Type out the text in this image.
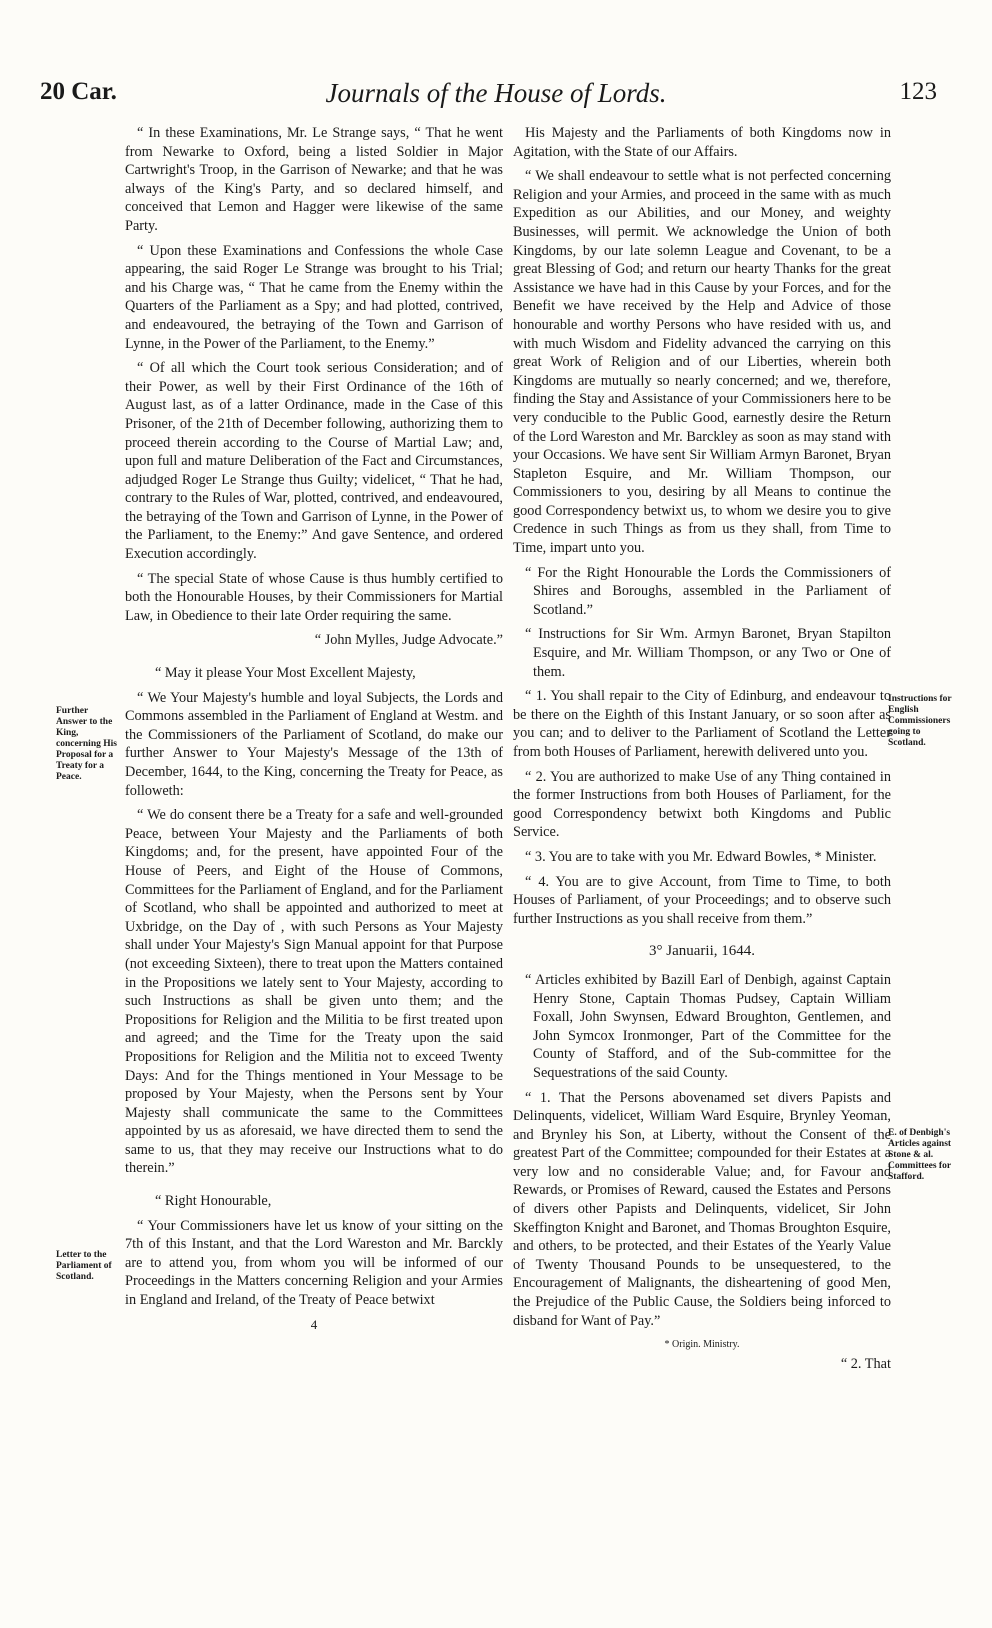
20 Car.	Journals of the House of Lords.	123

“ In these Examinations, Mr. Le Strange says, “ That he went from Newarke to Oxford, being a listed Soldier in Major Cartwright's Troop, in the Garrison of Newarke; and that he was always of the King's Party, and so declared himself, and conceived that Lemon and Hagger were likewise of the same Party.

“ Upon these Examinations and Confessions the whole Case appearing, the said Roger Le Strange was brought to his Trial; and his Charge was, “ That he came from the Enemy within the Quarters of the Parliament as a Spy; and had plotted, contrived, and endeavoured, the betraying of the Town and Garrison of Lynne, in the Power of the Parliament, to the Enemy.”

“ Of all which the Court took serious Consideration; and of their Power, as well by their First Ordinance of the 16th of August last, as of a latter Ordinance, made in the Case of this Prisoner, of the 21th of December following, authorizing them to proceed therein according to the Course of Martial Law; and, upon full and mature Deliberation of the Fact and Circumstances, adjudged Roger Le Strange thus Guilty; videlicet, “ That he had, contrary to the Rules of War, plotted, contrived, and endeavoured, the betraying of the Town and Garrison of Lynne, in the Power of the Parliament, to the Enemy:” And gave Sentence, and ordered Execution accordingly.

“ The special State of whose Cause is thus humbly certified to both the Honourable Houses, by their Commissioners for Martial Law, in Obedience to their late Order requiring the same.

“ John Mylles, Judge Advocate.”

“ May it please Your Most Excellent Majesty,

“ We Your Majesty's humble and loyal Subjects, the Lords and Commons assembled in the Parliament of England at Westm. and the Commissioners of the Parliament of Scotland, do make our further Answer to Your Majesty's Message of the 13th of December, 1644, to the King, concerning the Treaty for Peace, as followeth:

“ We do consent there be a Treaty for a safe and well-grounded Peace, between Your Majesty and the Parliaments of both Kingdoms; and, for the present, have appointed Four of the House of Peers, and Eight of the House of Commons, Committees for the Parliament of England, and for the Parliament of Scotland, who shall be appointed and authorized to meet at Uxbridge, on the Day of , with such Persons as Your Majesty shall under Your Majesty's Sign Manual appoint for that Purpose (not exceeding Sixteen), there to treat upon the Matters contained in the Propositions we lately sent to Your Majesty, according to such Instructions as shall be given unto them; and the Propositions for Religion and the Militia to be first treated upon and agreed; and the Time for the Treaty upon the said Propositions for Religion and the Militia not to exceed Twenty Days: And for the Things mentioned in Your Message to be proposed by Your Majesty, when the Persons sent by Your Majesty shall communicate the same to the Committees appointed by us as aforesaid, we have directed them to send the same to us, that they may receive our Instructions what to do therein.”

“ Right Honourable,

“ Your Commissioners have let us know of your sitting on the 7th of this Instant, and that the Lord Wareston and Mr. Barckly are to attend you, from whom you will be informed of our Proceedings in the Matters concerning Religion and your Armies in England and Ireland, of the Treaty of Peace betwixt

4

His Majesty and the Parliaments of both Kingdoms now in Agitation, with the State of our Affairs.

“ We shall endeavour to settle what is not perfected concerning Religion and your Armies, and proceed in the same with as much Expedition as our Abilities, and our Money, and weighty Businesses, will permit. We acknowledge the Union of both Kingdoms, by our late solemn League and Covenant, to be a great Blessing of God; and return our hearty Thanks for the great Assistance we have had in this Cause by your Forces, and for the Benefit we have received by the Help and Advice of those honourable and worthy Persons who have resided with us, and with much Wisdom and Fidelity advanced the carrying on this great Work of Religion and of our Liberties, wherein both Kingdoms are mutually so nearly concerned; and we, therefore, finding the Stay and Assistance of your Commissioners here to be very conducible to the Public Good, earnestly desire the Return of the Lord Wareston and Mr. Barckley as soon as may stand with your Occasions. We have sent Sir William Armyn Baronet, Bryan Stapleton Esquire, and Mr. William Thompson, our Commissioners to you, desiring by all Means to continue the good Correspondency betwixt us, to whom we desire you to give Credence in such Things as from us they shall, from Time to Time, impart unto you.

“ For the Right Honourable the Lords the Commissioners of Shires and Boroughs, assembled in the Parliament of Scotland.”

“ Instructions for Sir Wm. Armyn Baronet, Bryan Stapilton Esquire, and Mr. William Thompson, or any Two or One of them.

“ 1. You shall repair to the City of Edinburg, and endeavour to be there on the Eighth of this Instant January, or so soon after as you can; and to deliver to the Parliament of Scotland the Letter from both Houses of Parliament, herewith delivered unto you.

“ 2. You are authorized to make Use of any Thing contained in the former Instructions from both Houses of Parliament, for the good Correspondency betwixt both Kingdoms and Public Service.

“ 3. You are to take with you Mr. Edward Bowles, * Minister.

“ 4. You are to give Account, from Time to Time, to both Houses of Parliament, of your Proceedings; and to observe such further Instructions as you shall receive from them.”

3° Januarii, 1644.

“ Articles exhibited by Bazill Earl of Denbigh, against Captain Henry Stone, Captain Thomas Pudsey, Captain William Foxall, John Swynsen, Edward Broughton, Gentlemen, and John Symcox Ironmonger, Part of the Committee for the County of Stafford, and of the Sub-committee for the Sequestrations of the said County.

“ 1. That the Persons abovenamed set divers Papists and Delinquents, videlicet, William Ward Esquire, Brynley Yeoman, and Brynley his Son, at Liberty, without the Consent of the greatest Part of the Committee; compounded for their Estates at a very low and no considerable Value; and, for Favour and Rewards, or Promises of Reward, caused the Estates and Persons of divers other Papists and Delinquents, videlicet, Sir John Skeffington Knight and Baronet, and Thomas Broughton Esquire, and others, to be protected, and their Estates of the Yearly Value of Twenty Thousand Pounds to be unsequestered, to the Encouragement of Malignants, the disheartening of good Men, the Prejudice of the Public Cause, the Soldiers being inforced to disband for Want of Pay.”

* Origin. Ministry.
“ 2. That
Further Answer to the King, concerning His Proposal for a Treaty for a Peace.
Letter to the Parliament of Scotland.
Instructions for English Commissioners going to Scotland.
E. of Denbigh's Articles against Stone & al. Committees for Stafford.
